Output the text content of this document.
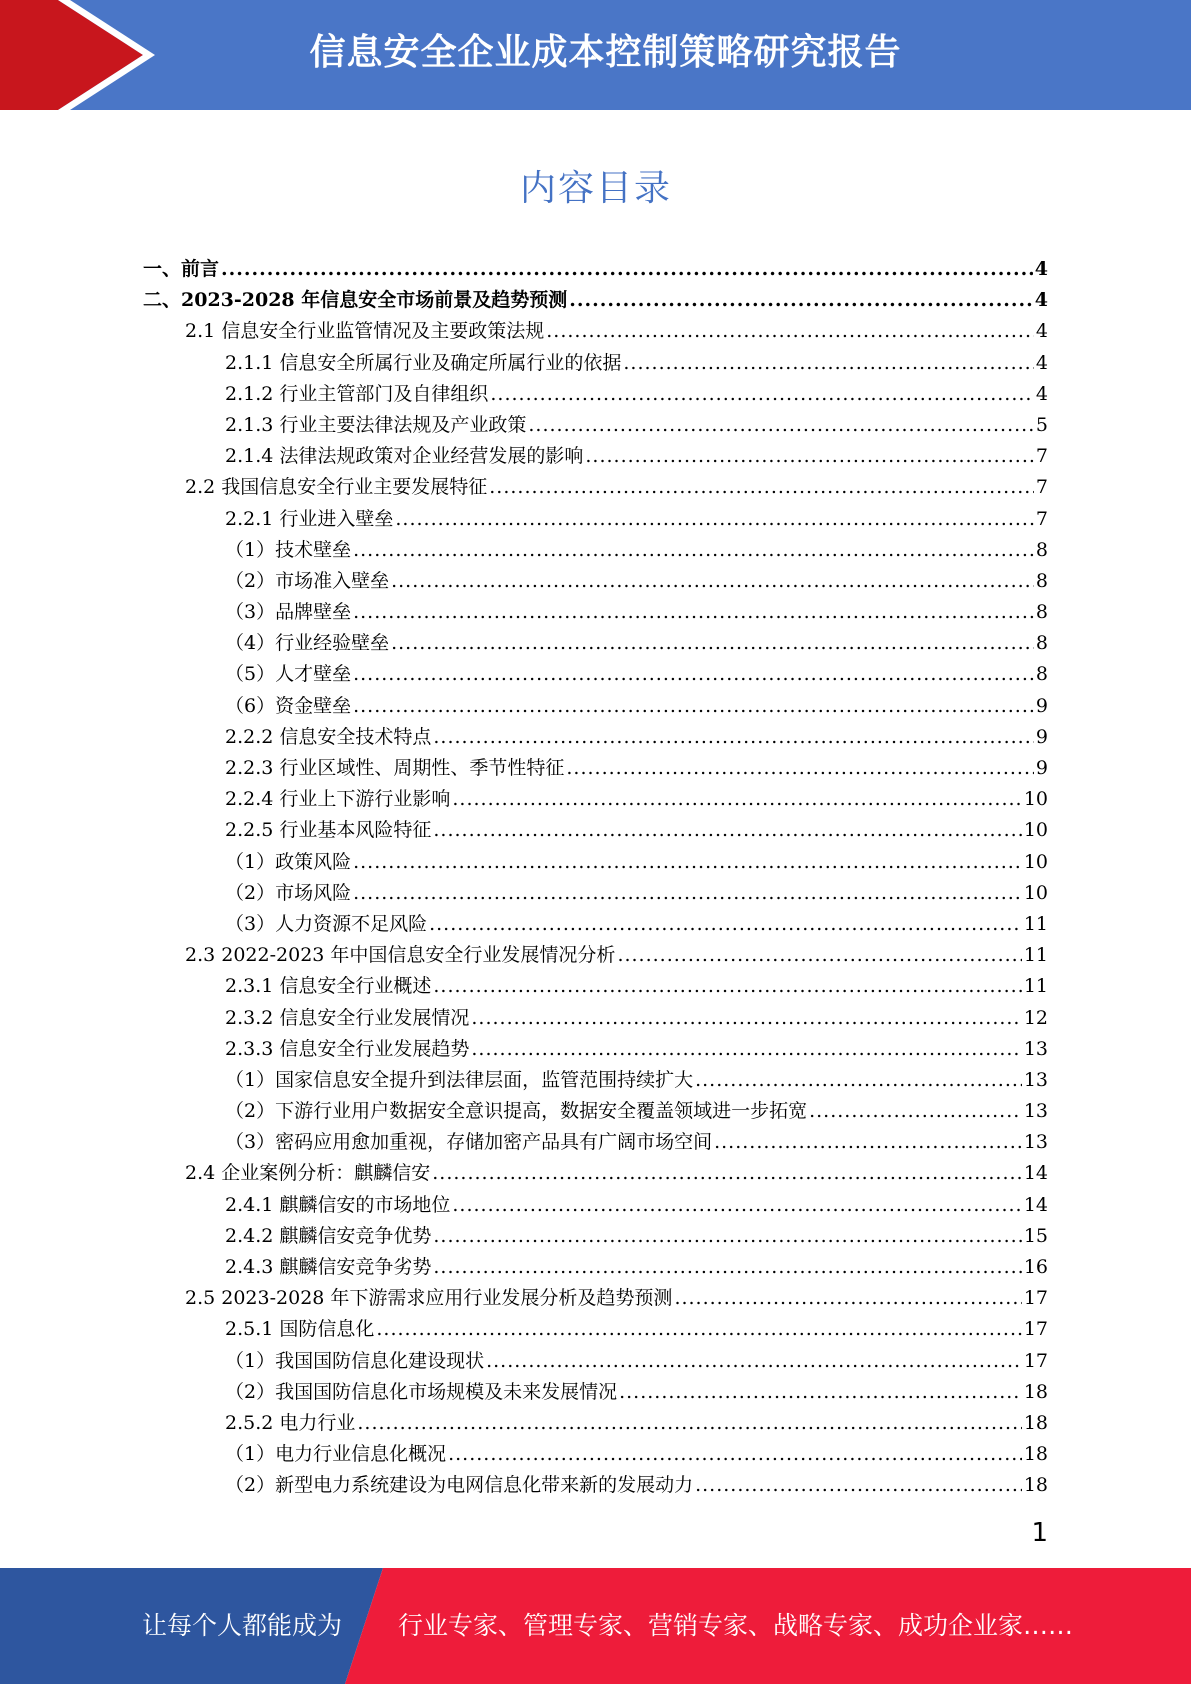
信息安全企业成本控制策略研究报告
内容目录
一、前言 .....	4
二、2023-2028 年信息安全市场前景及趋势预测 .....	4
2.1 信息安全行业监管情况及主要政策法规 .....	4
2.1.1 信息安全所属行业及确定所属行业的依据 .....	4
2.1.2 行业主管部门及自律组织 .....	4
2.1.3 行业主要法律法规及产业政策 .....	5
2.1.4 法律法规政策对企业经营发展的影响 .....	7
2.2 我国信息安全行业主要发展特征 .....	7
2.2.1 行业进入壁垒 .....	7
（1）技术壁垒 .....	8
（2）市场准入壁垒 .....	8
（3）品牌壁垒 .....	8
（4）行业经验壁垒 .....	8
（5）人才壁垒 .....	8
（6）资金壁垒 .....	9
2.2.2 信息安全技术特点 .....	9
2.2.3 行业区域性、周期性、季节性特征 .....	9
2.2.4 行业上下游行业影响 .....	10
2.2.5 行业基本风险特征 .....	10
（1）政策风险 .....	10
（2）市场风险 .....	10
（3）人力资源不足风险 .....	11
2.3 2022-2023 年中国信息安全行业发展情况分析 .....	11
2.3.1 信息安全行业概述 .....	11
2.3.2 信息安全行业发展情况 .....	12
2.3.3 信息安全行业发展趋势 .....	13
（1）国家信息安全提升到法律层面，监管范围持续扩大 .....	13
（2）下游行业用户数据安全意识提高，数据安全覆盖领域进一步拓宽 .....	13
（3）密码应用愈加重视，存储加密产品具有广阔市场空间 .....	13
2.4 企业案例分析：麒麟信安 .....	14
2.4.1 麒麟信安的市场地位 .....	14
2.4.2 麒麟信安竞争优势 .....	15
2.4.3 麒麟信安竞争劣势 .....	16
2.5 2023-2028 年下游需求应用行业发展分析及趋势预测 .....	17
2.5.1 国防信息化 .....	17
（1）我国国防信息化建设现状 .....	17
（2）我国国防信息化市场规模及未来发展情况 .....	18
2.5.2 电力行业 .....	18
（1）电力行业信息化概况 .....	18
（2）新型电力系统建设为电网信息化带来新的发展动力 .....	18
1
让每个人都能成为 行业专家、管理专家、营销专家、战略专家、成功企业家……
